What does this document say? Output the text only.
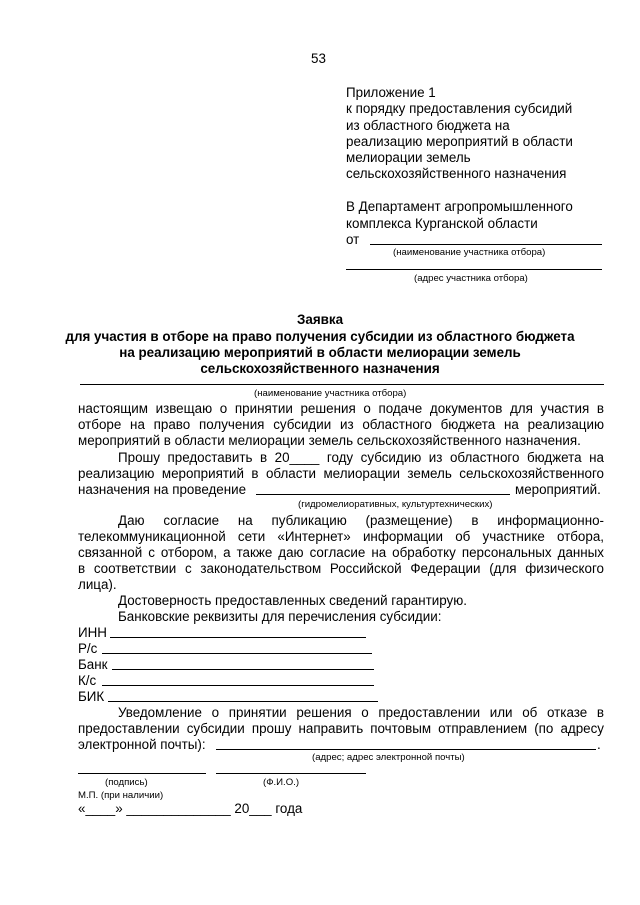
53
Приложение 1
к порядку предоставления субсидий
из областного бюджета на
реализацию мероприятий в области
мелиорации земель
сельскохозяйственного назначения
В Департамент агропромышленного
комплекса Курганской области
от
(наименование участника отбора)
(адрес участника отбора)
Заявка
для участия в отборе на право получения субсидии из областного бюджета
на реализацию мероприятий в области мелиорации земель
сельскохозяйственного назначения
(наименование участника отбора)
настоящим извещаю о принятии решения о подаче документов для участия в
отборе на право получения субсидии из областного бюджета на реализацию
мероприятий в области мелиорации земель сельскохозяйственного назначения.
Прошу предоставить в 20____ году субсидию из областного бюджета на
реализацию мероприятий в области мелиорации земель сельскохозяйственного
назначения на проведение	мероприятий.
(гидромелиоративных, культуртехнических)
Даю согласие на публикацию (размещение) в информационно-
телекоммуникационной сети «Интернет» информации об участнике отбора,
связанной с отбором, а также даю согласие на обработку персональных данных
в соответствии с законодательством Российской Федерации (для физического
лица).
Достоверность предоставленных сведений гарантирую.
Банковские реквизиты для перечисления субсидии:
ИНН
Р/с
Банк
К/с
БИК
Уведомление о принятии решения о предоставлении или об отказе в
предоставлении субсидии прошу направить почтовым отправлением (по адресу
электронной почты):	.
(адрес; адрес электронной почты)
(подпись)	(Ф.И.О.)
М.П. (при наличии)
«____» ______________ 20___ года
